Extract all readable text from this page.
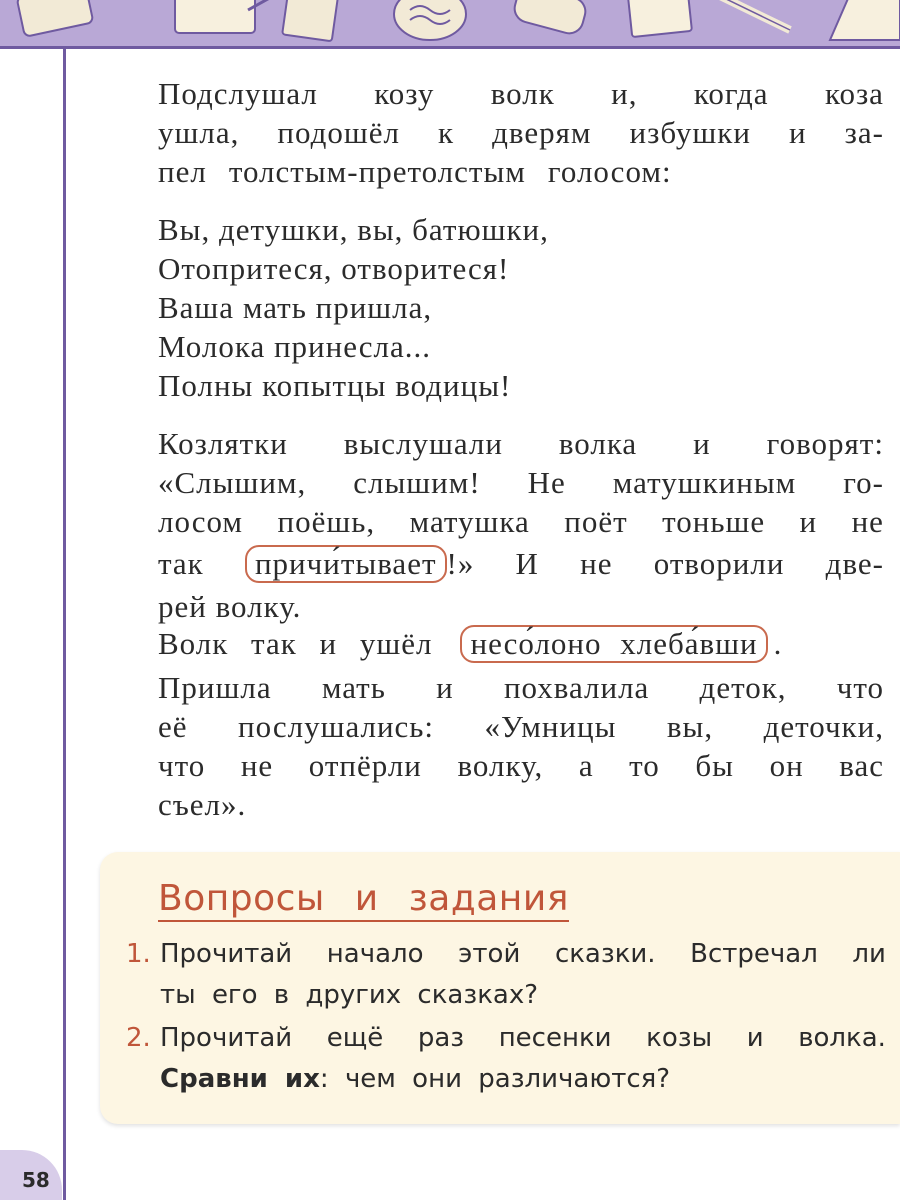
Подслушал козу волк и, когда коза
ушла, подошёл к дверям избушки и за-
пел толстым-претолстым голосом:
Вы, детушки, вы, батюшки,
Отопритеся, отворитеся!
Ваша мать пришла,
Молока принесла...
Полны копытцы водицы!
Козлятки выслушали волка и говорят:
«Слышим, слышим! Не матушкиным го-
лосом поёшь, матушка поёт тоньше и не
так	причи́тывает !» И не отворили две-
рей волку.
Волк так и ушёл	несо́лоно хлеба́вши .
Пришла мать и похвалила деток, что
её послушались: «Умницы вы, деточки,
что не отпёрли волку, а то бы он вас
съел».
Вопросы и задания
1. Прочитай начало этой сказки. Встречал ли
ты его в других сказках?
2. Прочитай ещё раз песенки козы и волка.
Сравни их : чем они различаются?
58
